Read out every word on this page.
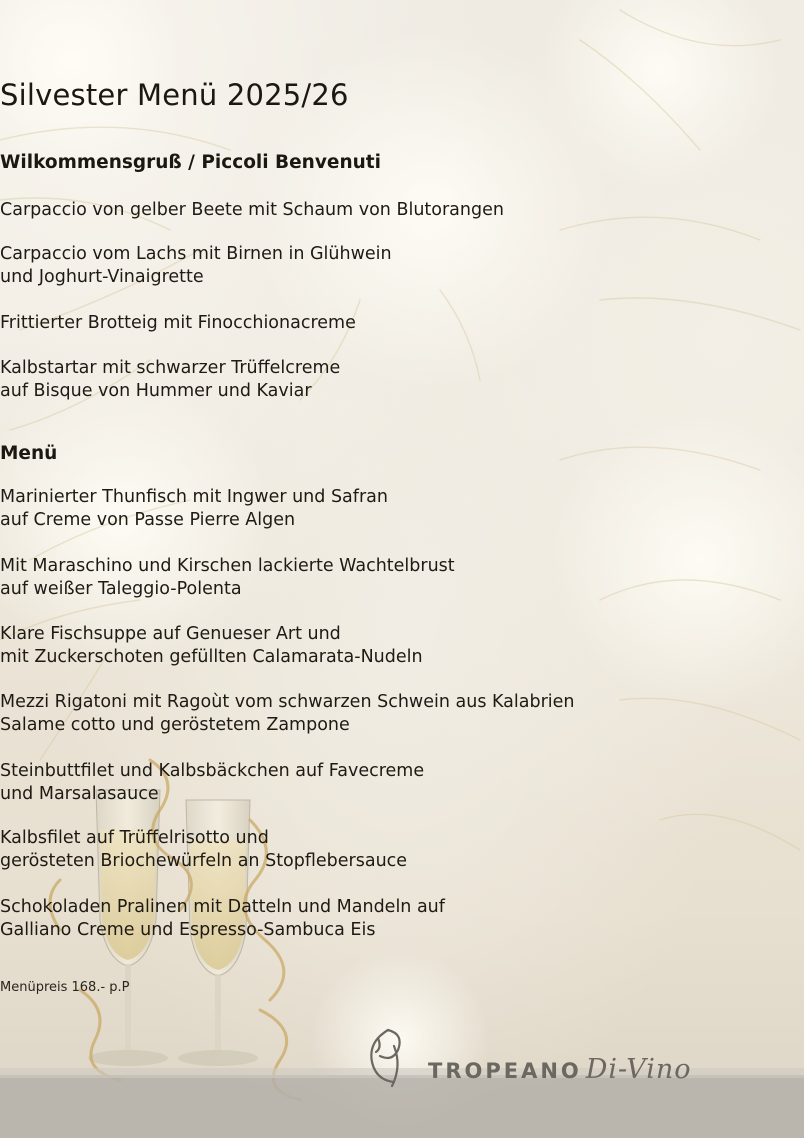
Silvester Menü 2025/26
Wilkommensgruß / Piccoli Benvenuti
Carpaccio von gelber Beete mit Schaum von Blutorangen
Carpaccio vom Lachs mit Birnen in Glühwein
und Joghurt-Vinaigrette
Frittierter Brotteig mit Finocchionacreme
Kalbstartar mit schwarzer Trüffelcreme
auf Bisque von Hummer und Kaviar
Menü
Marinierter Thunfisch mit Ingwer und Safran
auf Creme von Passe Pierre Algen
Mit Maraschino und Kirschen lackierte Wachtelbrust
auf weißer Taleggio-Polenta
Klare Fischsuppe auf Genueser Art und
mit Zuckerschoten gefüllten Calamarata-Nudeln
Mezzi Rigatoni mit Ragoùt vom schwarzen Schwein aus Kalabrien
Salame cotto und geröstetem Zampone
Steinbuttfilet und Kalbsbäckchen auf Favecreme
und Marsalasauce
Kalbsfilet auf Trüffelrisotto und
gerösteten Briochewürfeln an Stopflebersauce
Schokoladen Pralinen mit Datteln und Mandeln auf
Galliano Creme und Espresso-Sambuca Eis
Menüpreis 168.- p.P
TROPEANO Di-Vino
